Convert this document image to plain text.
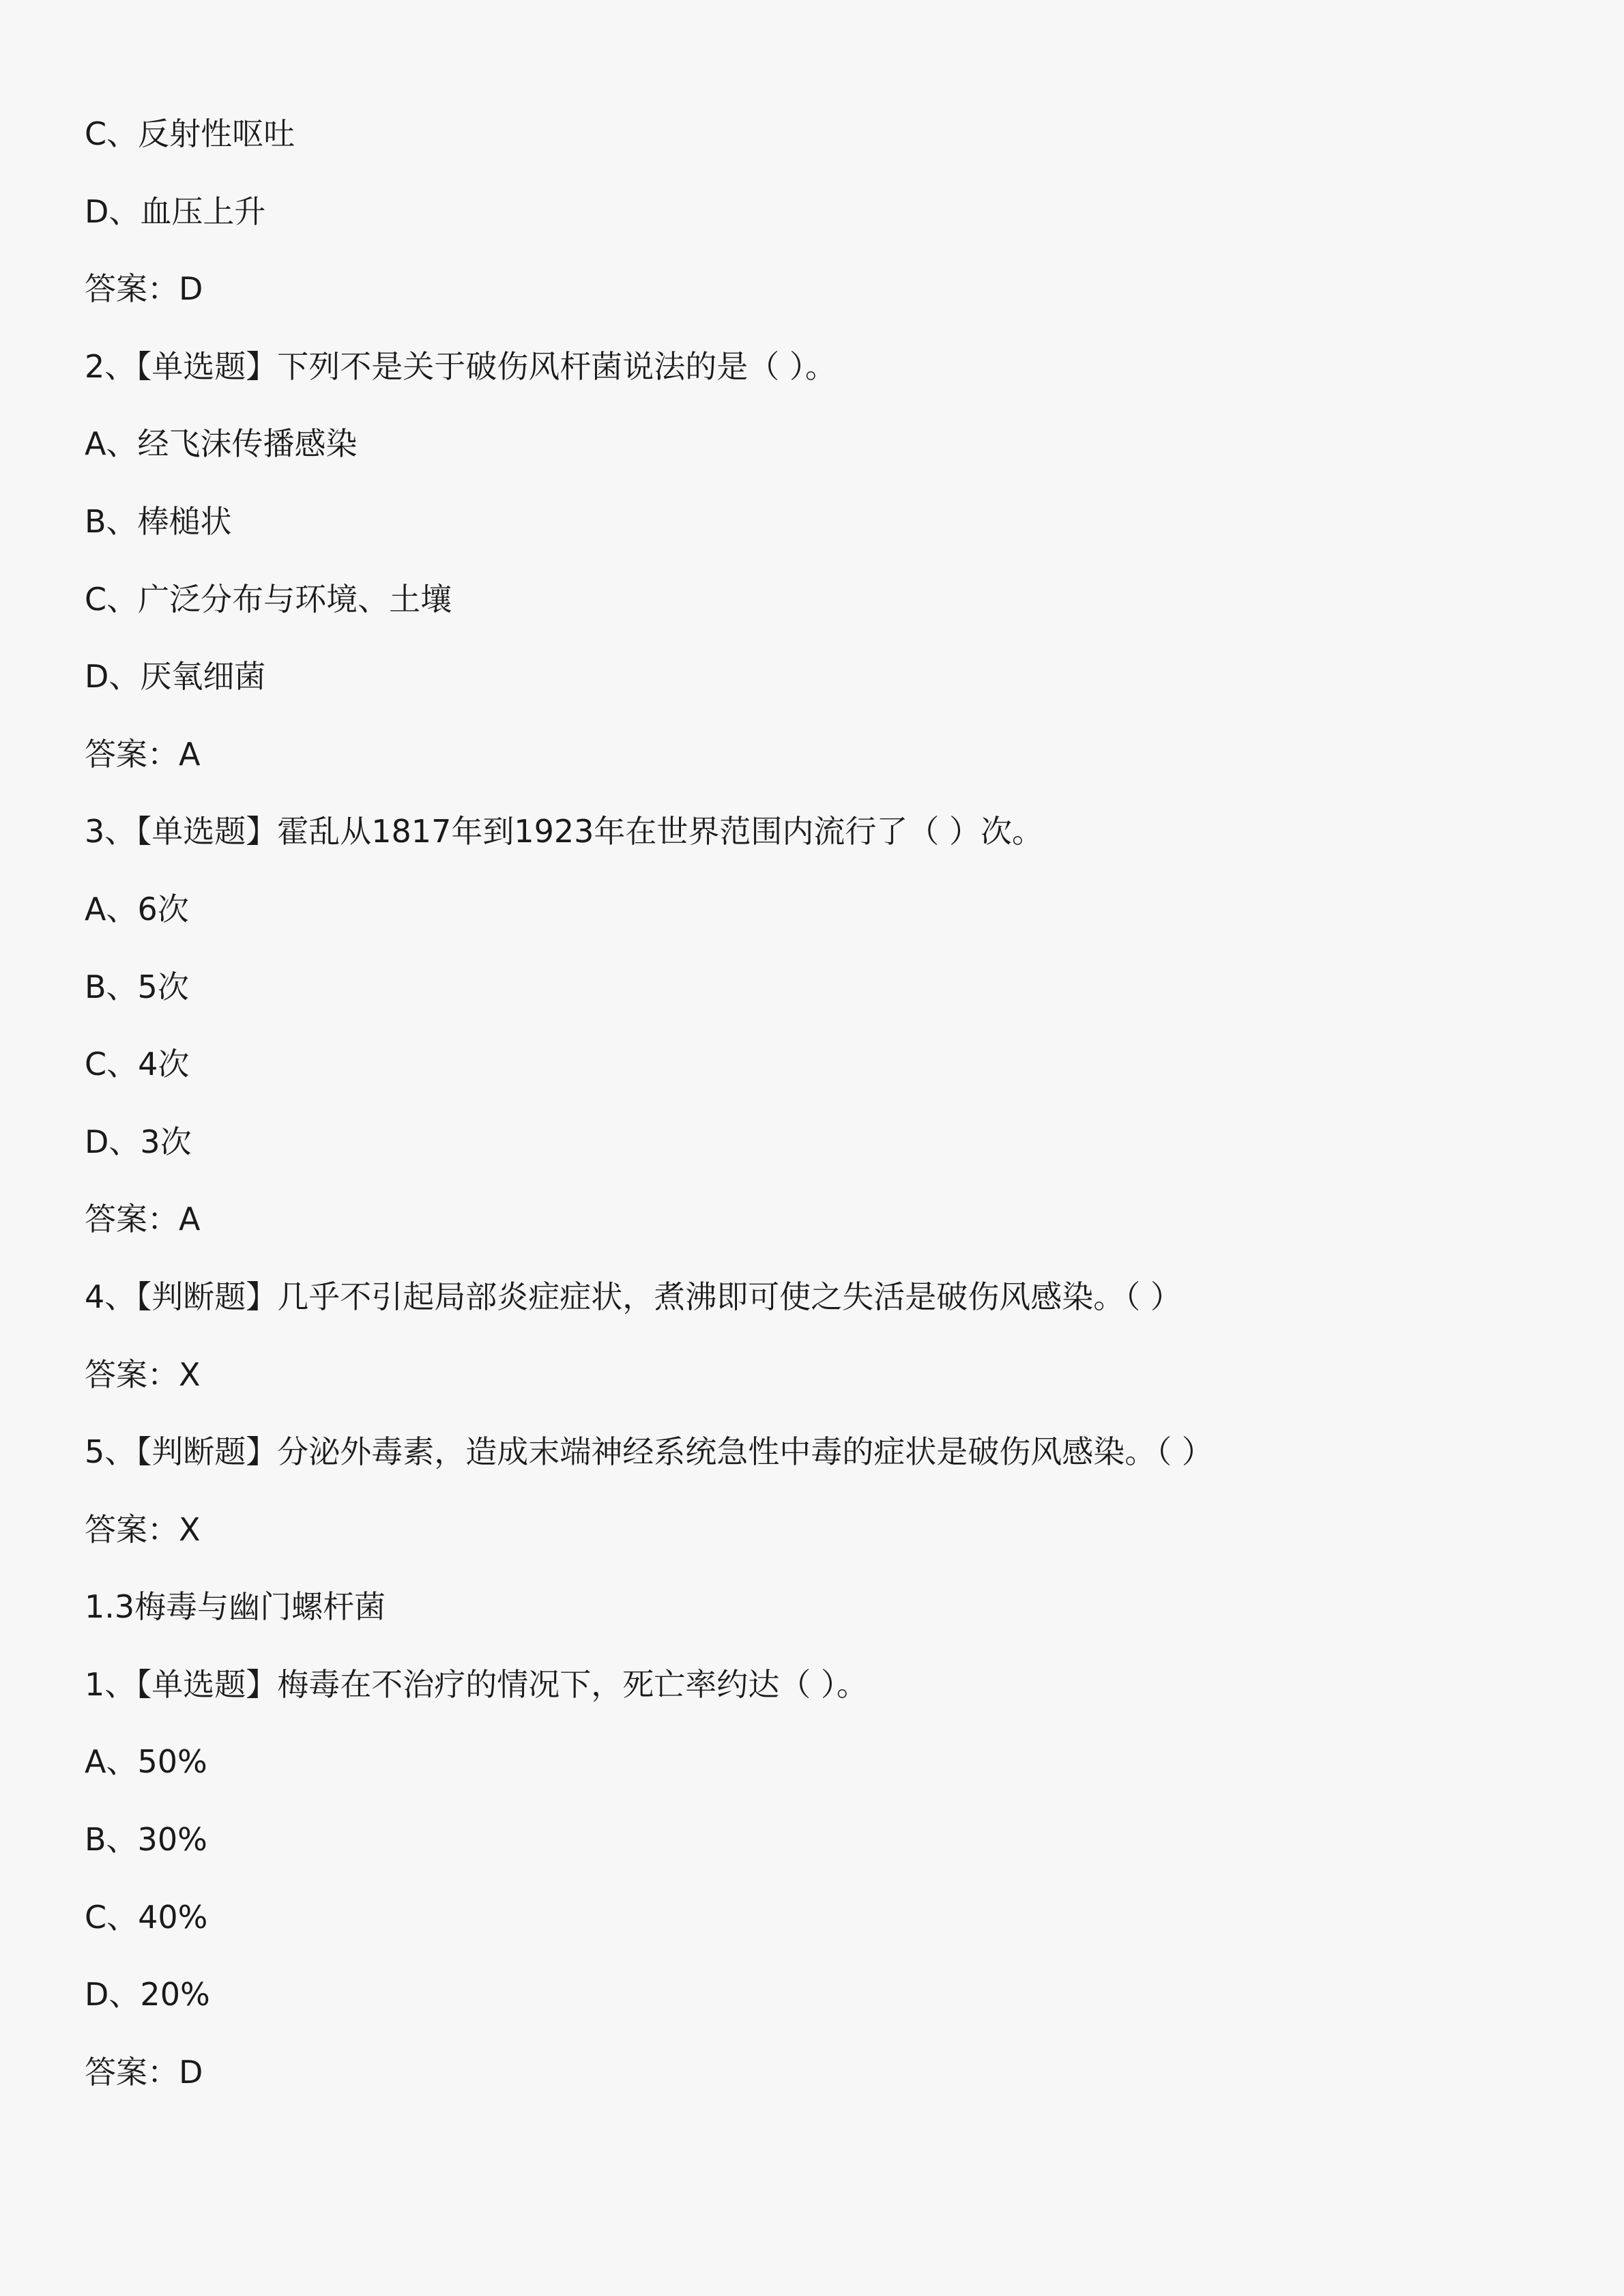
C、反射性呕吐
D、血压上升
答案：D
2、【单选题】下列不是关于破伤风杆菌说法的是（ ）。
A、经飞沫传播感染
B、棒槌状
C、广泛分布与环境、土壤
D、厌氧细菌
答案：A
3、【单选题】霍乱从1817年到1923年在世界范围内流行了（ ）次。
A、6次
B、5次
C、4次
D、3次
答案：A
4、【判断题】几乎不引起局部炎症症状，煮沸即可使之失活是破伤风感染。（ ）
答案：X
5、【判断题】分泌外毒素，造成末端神经系统急性中毒的症状是破伤风感染。（ ）
答案：X
1.3梅毒与幽门螺杆菌
1、【单选题】梅毒在不治疗的情况下，死亡率约达（ ）。
A、50%
B、30%
C、40%
D、20%
答案：D
